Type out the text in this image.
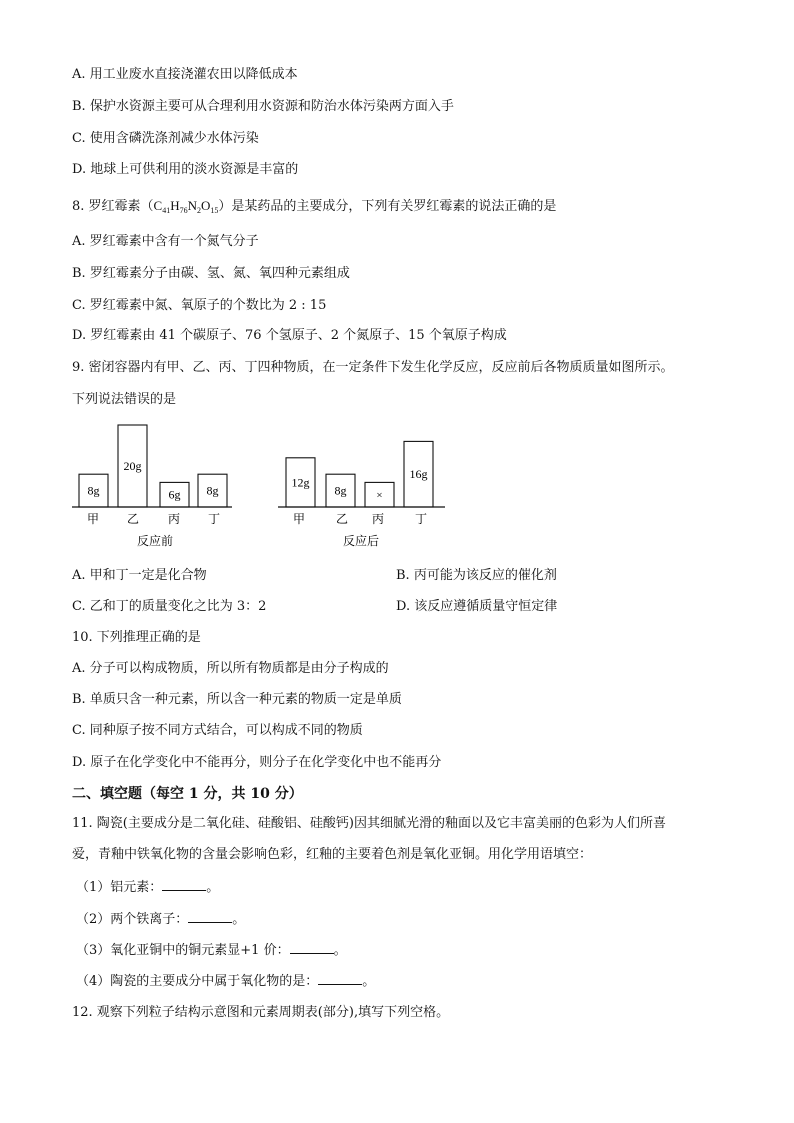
A. 用工业废水直接浇灌农田以降低成本
B. 保护水资源主要可从合理利用水资源和防治水体污染两方面入手
C. 使用含磷洗涤剂减少水体污染
D. 地球上可供利用的淡水资源是丰富的
8. 罗红霉素$(C_{41}H_{76}N_2O_{15})$是某药品的主要成分，下列有关罗红霉素的说法正确的是
A. 罗红霉素中含有一个氮气分子
B. 罗红霉素分子由碳、氢、氮、氧四种元素组成
C. 罗红霉素中氮、氧原子的个数比为 2 : 15
D. 罗红霉素由 41 个碳原子、76 个氢原子、2 个氮原子、15 个氧原子构成
9. 密闭容器内有甲、乙、丙、丁四种物质，在一定条件下发生化学反应，反应前后各物质质量如图所示。
下列说法错误的是
8g
甲
20g
乙
6g
丙
8g
丁
反应前
12g
甲
8g
乙
×
丙
16g
丁
反应后
A. 甲和丁一定是化合物	B. 丙可能为该反应的催化剂
C. 乙和丁的质量变化之比为 3：2	D. 该反应遵循质量守恒定律
10. 下列推理正确的是
A. 分子可以构成物质，所以所有物质都是由分子构成的
B. 单质只含一种元素，所以含一种元素的物质一定是单质
C. 同种原子按不同方式结合，可以构成不同的物质
D. 原子在化学变化中不能再分，则分子在化学变化中也不能再分
二、填空题（每空 1 分，共 10 分）
11. 陶瓷(主要成分是二氧化硅、硅酸铝、硅酸钙)因其细腻光滑的釉面以及它丰富美丽的色彩为人们所喜
爱，青釉中铁氧化物的含量会影响色彩，红釉的主要着色剂是氧化亚铜。用化学用语填空：
（1）铝元素：	。
（2）两个铁离子：	。
（3）氧化亚铜中的铜元素显+1 价：	。
（4）陶瓷的主要成分中属于氧化物的是：	。
12. 观察下列粒子结构示意图和元素周期表(部分),填写下列空格。
